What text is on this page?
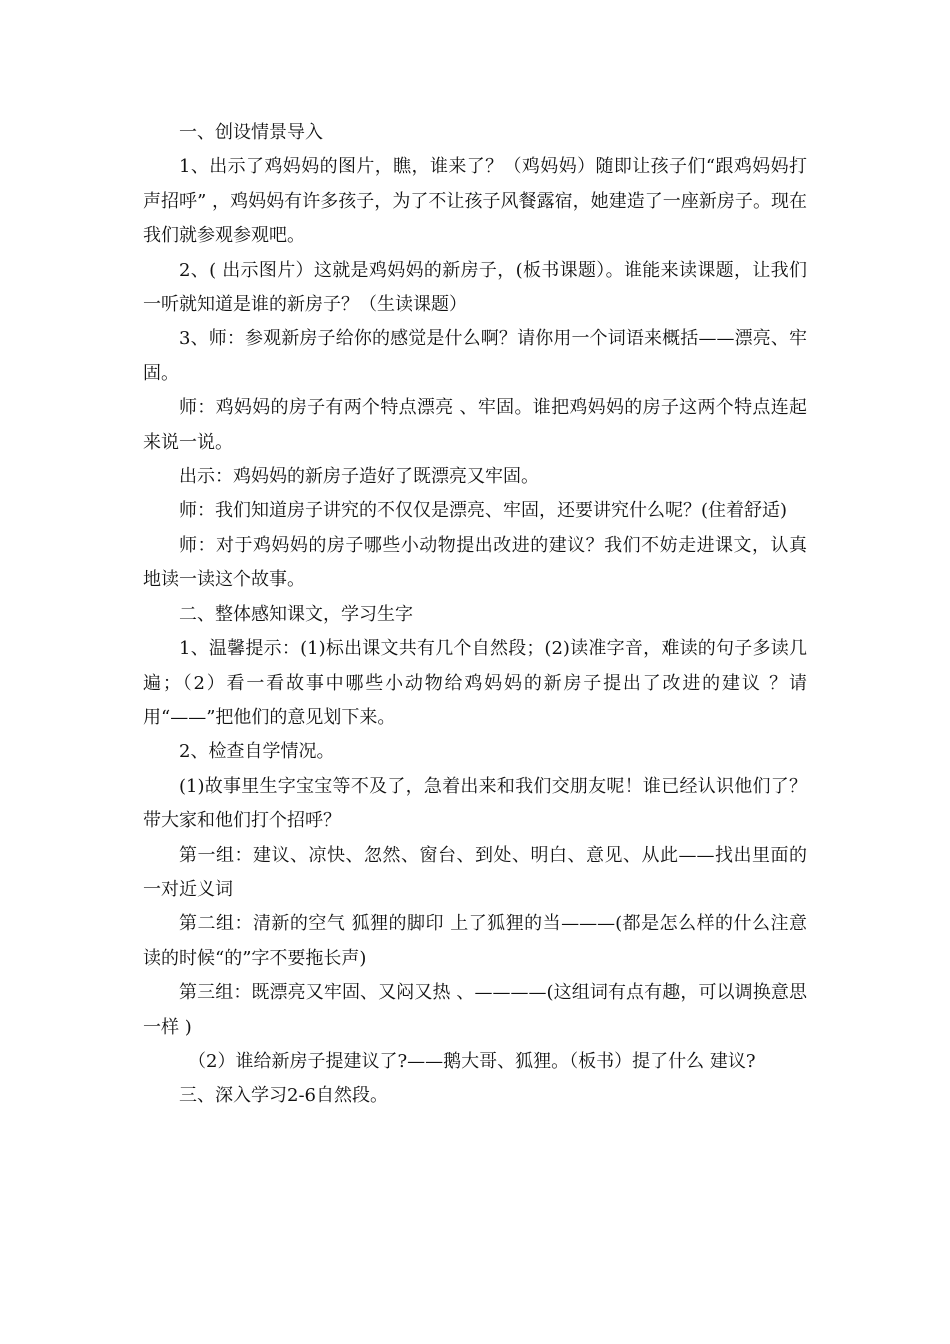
一、创设情景导入

1、出示了鸡妈妈的图片，瞧，谁来了？（鸡妈妈）随即让孩子们“跟鸡妈妈打声招呼” ，鸡妈妈有许多孩子，为了不让孩子风餐露宿，她建造了一座新房子。现在我们就参观参观吧。

2、( 出示图片）这就是鸡妈妈的新房子，(板书课题）。谁能来读课题，让我们一听就知道是谁的新房子？（生读课题）

3、师：参观新房子给你的感觉是什么啊？请你用一个词语来概括——漂亮、牢固。

师：鸡妈妈的房子有两个特点漂亮 、牢固。谁把鸡妈妈的房子这两个特点连起来说一说。

出示：鸡妈妈的新房子造好了既漂亮又牢固。

师：我们知道房子讲究的不仅仅是漂亮、牢固，还要讲究什么呢？(住着舒适)

师：对于鸡妈妈的房子哪些小动物提出改进的建议？我们不妨走进课文，认真地读一读这个故事。

二、整体感知课文，学习生字

1、温馨提示：(1)标出课文共有几个自然段；(2)读准字音，难读的句子多读几遍；（2）看一看故事中哪些小动物给鸡妈妈的新房子提出了改进的建议 ？请用“——”把他们的意见划下来。

2、检查自学情况。

(1)故事里生字宝宝等不及了，急着出来和我们交朋友呢！谁已经认识他们了？带大家和他们打个招呼？

第一组：建议、凉快、忽然、窗台、到处、明白、意见、从此——找出里面的一对近义词

第二组：清新的空气 狐狸的脚印 上了狐狸的当———(都是怎么样的什么注意读的时候“的”字不要拖长声)

第三组：既漂亮又牢固、又闷又热 、————(这组词有点有趣，可以调换意思一样 )

（2）谁给新房子提建议了?——鹅大哥、狐狸。（板书）提了什么 建议?

三、深入学习2-6自然段。
